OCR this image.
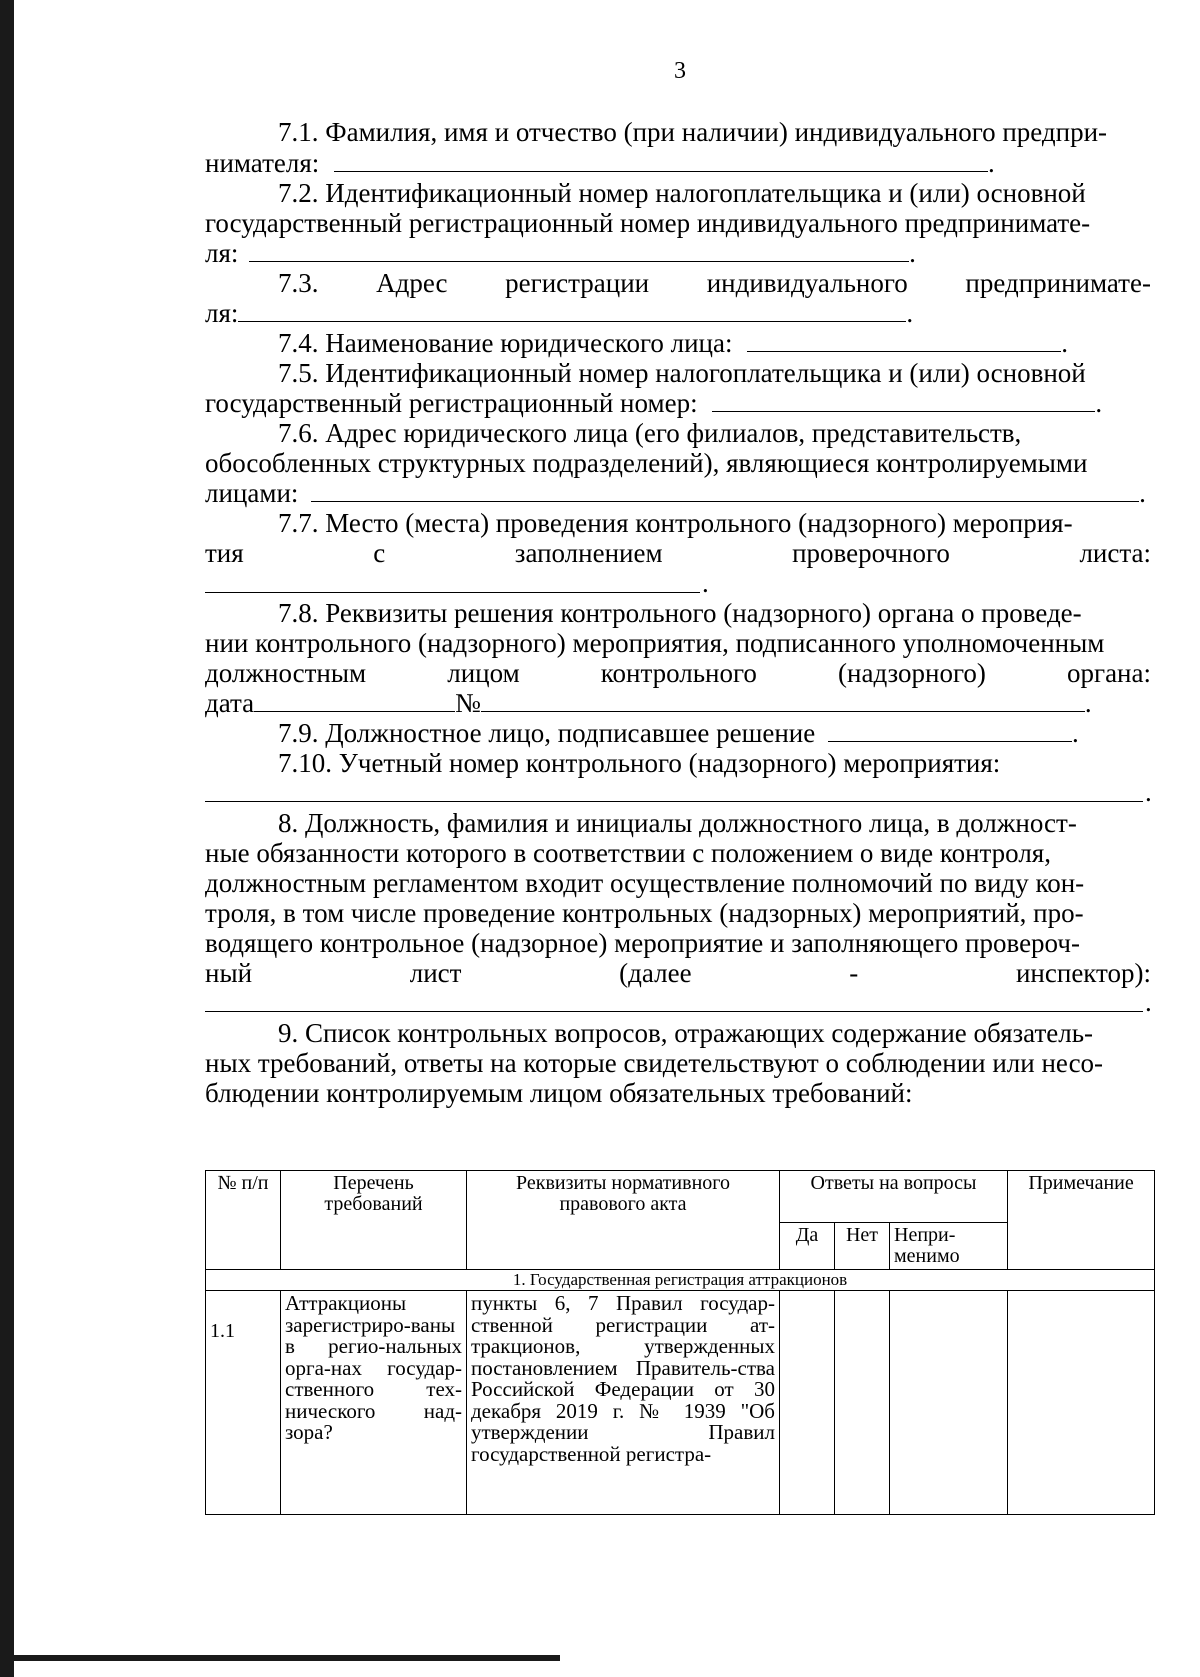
3
7.1. Фамилия, имя и отчество (при наличии) индивидуального предпри-
нимателя:	.
7.2. Идентификационный номер налогоплательщика и (или) основной
государственный регистрационный номер индивидуального предпринимате-
ля:	.
7.3. Адрес регистрации индивидуального предпринимате-
ля:	.
7.4. Наименование юридического лица:	.
7.5. Идентификационный номер налогоплательщика и (или) основной
государственный регистрационный номер:	.
7.6. Адрес юридического лица (его филиалов, представительств,
обособленных структурных подразделений), являющиеся контролируемыми
лицами:	.
7.7. Место (места) проведения контрольного (надзорного) мероприя-
тия	с	заполнением	проверочного	листа:
.
7.8. Реквизиты решения контрольного (надзорного) органа о проведе-
нии контрольного (надзорного) мероприятия, подписанного уполномоченным
должностным	лицом	контрольного	(надзорного)	органа:
дата	№	.
7.9. Должностное лицо, подписавшее решение	.
7.10. Учетный номер контрольного (надзорного) мероприятия:
.
8. Должность, фамилия и инициалы должностного лица, в должност-
ные обязанности которого в соответствии с положением о виде контроля,
должностным регламентом входит осуществление полномочий по виду кон-
троля, в том числе проведение контрольных (надзорных) мероприятий, про-
водящего контрольное (надзорное) мероприятие и заполняющего провероч-
ный	лист	(далее	-	инспектор):
.
9. Список контрольных вопросов, отражающих содержание обязатель-
ных требований, ответы на которые свидетельствуют о соблюдении или несо-
блюдении контролируемым лицом обязательных требований:
№ п/п	Перечень требований	Реквизиты нормативного правового акта	Ответы на вопросы			Примечание
			Да	Нет	Непри-менимо	
1. Государственная регистрация аттракционов						
1.1	Аттракционы зарегистриро-ваны в регио-нальных орга-нах государ-ственного тех-нического над-зора?	пункты 6, 7 Правил государ-ственной регистрации ат-тракционов, утвержденных постановлением Правитель-ства Российской Федерации от 30 декабря 2019 г. № 1939 "Об утверждении Правил государственной регистра-				
